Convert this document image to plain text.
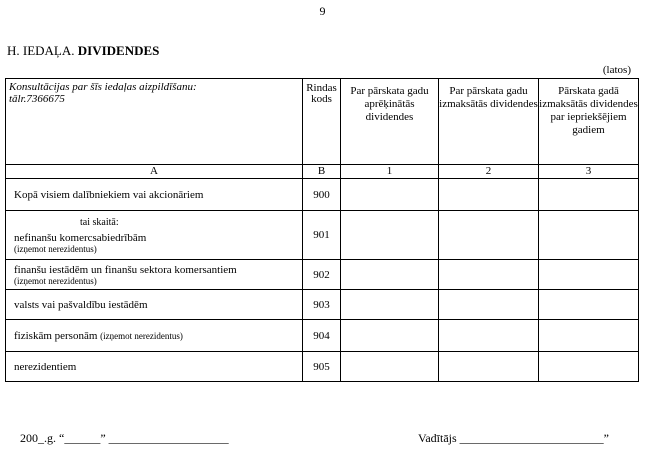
9
H. IEDAĻA. DIVIDENDES
(latos)
Konsultācijas par šīs iedaļas aizpildīšanu:
tālr.7366675	Rindas kods	Par pārskata gadu aprēķinātās dividendes	Par pārskata gadu izmaksātās dividendes	Pārskata gadā izmaksātās dividendes par iepriekšējiem gadiem
A	B	1	2	3
Kopā visiem dalībniekiem vai akcionāriem	900			

tai skaitā:
nefinanšu komercsabiedrībām
(izņemot nerezidentus)	901			

finanšu iestādēm un finanšu sektora komersantiem
(izņemot nerezidentus)	902			
valsts vai pašvaldību iestādēm	903			
fiziskām personām (izņemot nerezidentus)	904			
nerezidentiem	905			
200_.g. “______” ____________________	Vadītājs ________________________”
